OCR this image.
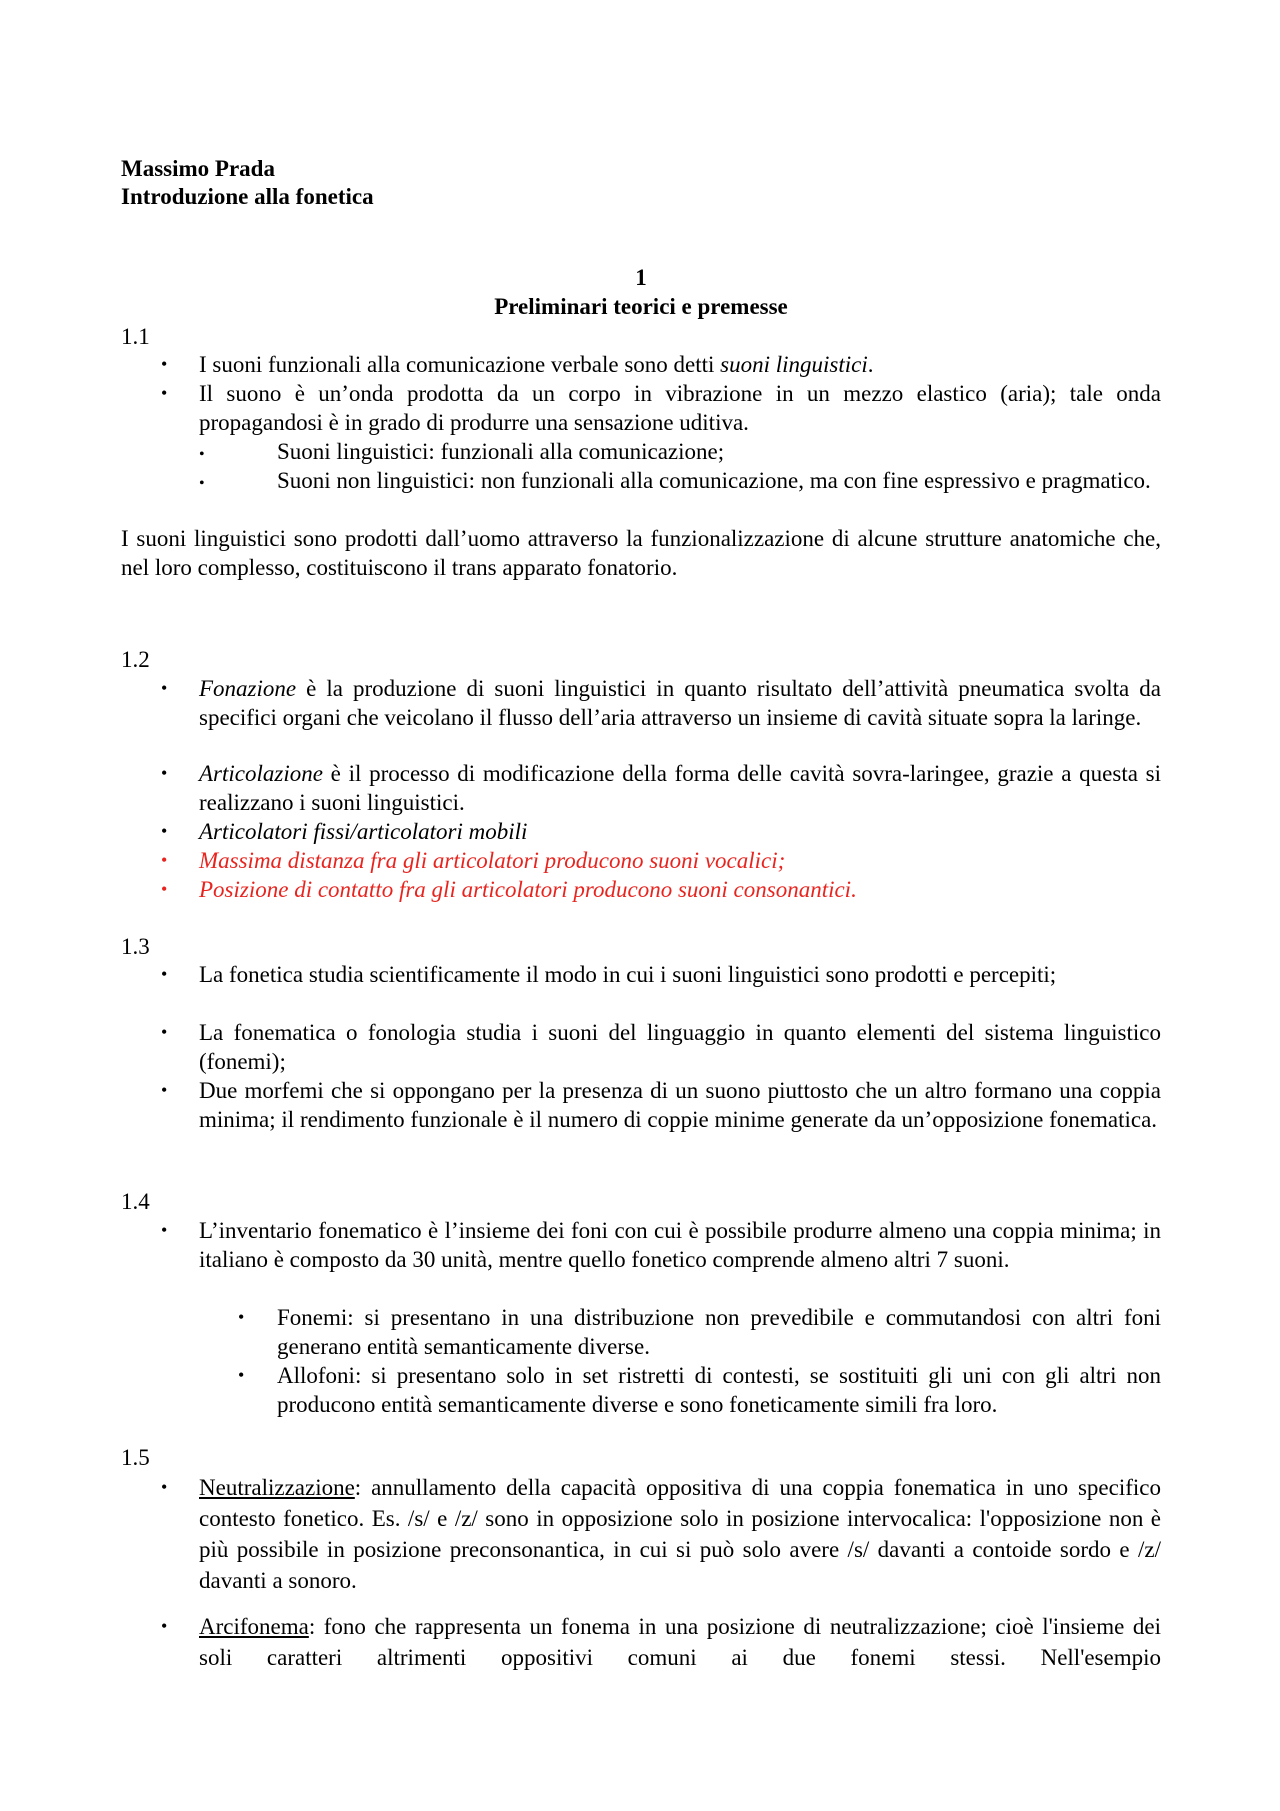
Massimo Prada
Introduzione alla fonetica
1
Preliminari teorici e premesse
1.1
• I suoni funzionali alla comunicazione verbale sono detti suoni linguistici.
• Il suono è un’onda prodotta da un corpo in vibrazione in un mezzo elastico (aria); tale onda propagandosi è in grado di produrre una sensazione uditiva.
•	Suoni linguistici: funzionali alla comunicazione;
•	Suoni non linguistici: non funzionali alla comunicazione, ma con fine espressivo e pragmatico.
I suoni linguistici sono prodotti dall’uomo attraverso la funzionalizzazione di alcune strutture anatomiche che, nel loro complesso, costituiscono il trans apparato fonatorio.
1.2
• Fonazione è la produzione di suoni linguistici in quanto risultato dell’attività pneumatica svolta da specifici organi che veicolano il flusso dell’aria attraverso un insieme di cavità situate sopra la laringe.
• Articolazione è il processo di modificazione della forma delle cavità sovra-laringee, grazie a questa si realizzano i suoni linguistici.
• Articolatori fissi/articolatori mobili
• Massima distanza fra gli articolatori producono suoni vocalici;
• Posizione di contatto fra gli articolatori producono suoni consonantici.
1.3
• La fonetica studia scientificamente il modo in cui i suoni linguistici sono prodotti e percepiti;
• La fonematica o fonologia studia i suoni del linguaggio in quanto elementi del sistema linguistico (fonemi);
• Due morfemi che si oppongano per la presenza di un suono piuttosto che un altro formano una coppia minima; il rendimento funzionale è il numero di coppie minime generate da un’opposizione fonematica.
1.4
• L’inventario fonematico è l’insieme dei foni con cui è possibile produrre almeno una coppia minima; in italiano è composto da 30 unità, mentre quello fonetico comprende almeno altri 7 suoni.
• Fonemi: si presentano in una distribuzione non prevedibile e commutandosi con altri foni generano entità semanticamente diverse.
• Allofoni: si presentano solo in set ristretti di contesti, se sostituiti gli uni con gli altri non producono entità semanticamente diverse e sono foneticamente simili fra loro.
1.5
• Neutralizzazione: annullamento della capacità oppositiva di una coppia fonematica in uno specifico contesto fonetico. Es. /s/ e /z/ sono in opposizione solo in posizione intervocalica: l'opposizione non è più possibile in posizione preconsonantica, in cui si può solo avere /s/ davanti a contoide sordo e /z/ davanti a sonoro.
• Arcifonema: fono che rappresenta un fonema in una posizione di neutralizzazione; cioè l'insieme dei soli caratteri altrimenti oppositivi comuni ai due fonemi stessi. Nell'esempio
